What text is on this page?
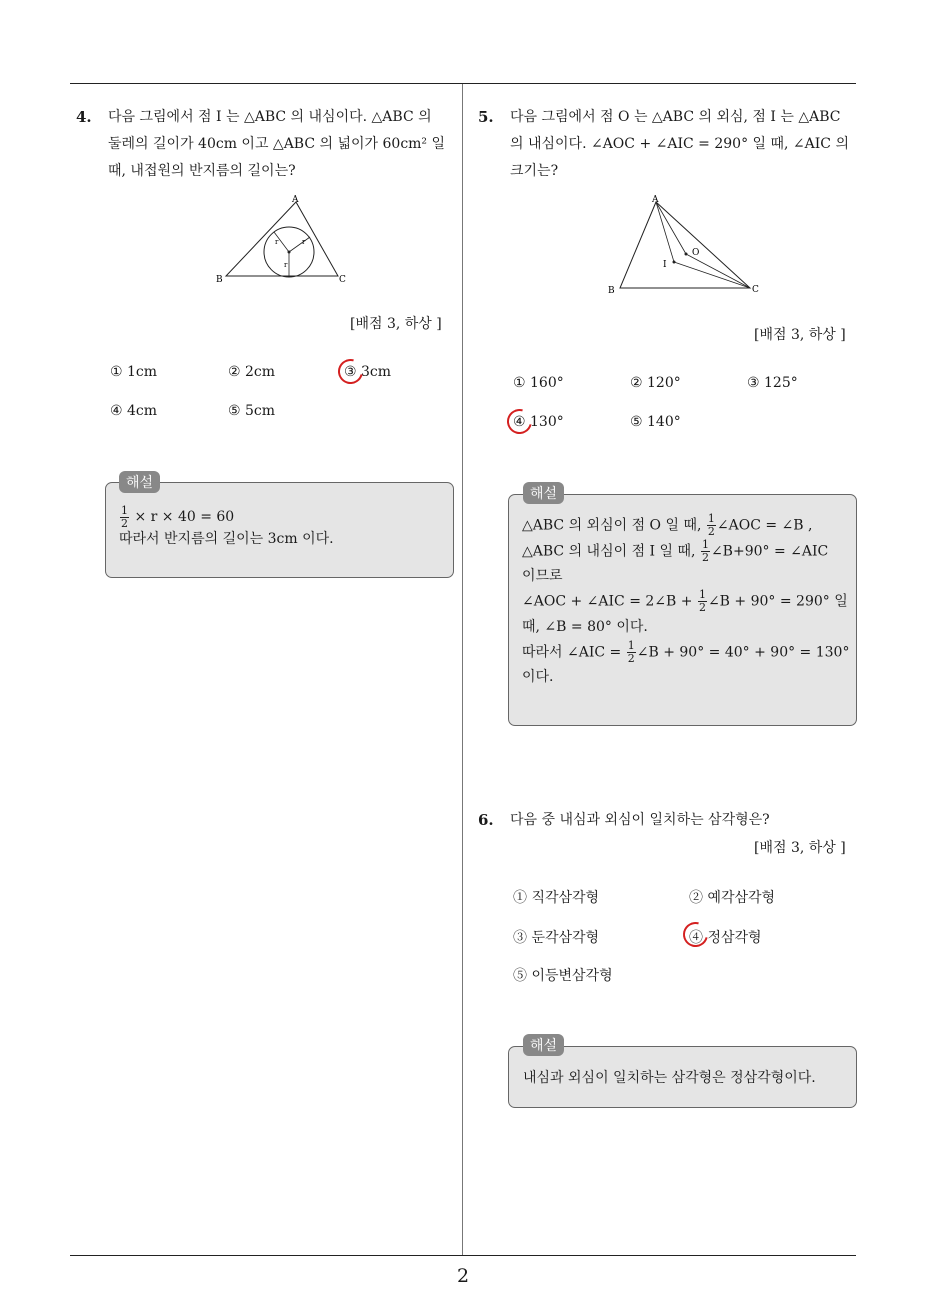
2
4. 다음 그림에서 점 I 는 △ABC 의 내심이다. △ABC 의
둘레의 길이가 40cm 이고 △ABC 의 넓이가 60cm² 일
때, 내접원의 반지름의 길이는?
A
B	C
r
r	r
[배점 3, 하상 ]
① 1cm	② 2cm	③ 3cm
④ 4cm	⑤ 5cm
해설
$\frac{1}{2} \times r \times 40 = 60$
따라서 반지름의 길이는 3cm 이다.
5. 다음 그림에서 점 O 는 △ABC 의 외심, 점 I 는 △ABC
의 내심이다. ∠AOC + ∠AIC = 290° 일 때, ∠AIC 의
크기는?
A
B	C
O
I
[배점 3, 하상 ]
① 160°	② 120°	③ 125°
④ 130°	⑤ 140°
해설
△ABC 의 외심이 점 O 일 때, $\frac{1}{2}$ ∠AOC = ∠B ,
△ABC 의 내심이 점 I 일 때, $\frac{1}{2}$ ∠B+90° = ∠AIC
이므로
∠AOC + ∠AIC = 2∠B + $\frac{1}{2}$ ∠B + 90° = 290° 일
때, ∠B = 80° 이다.
따라서 ∠AIC = $\frac{1}{2}$ ∠B + 90° = 40° + 90° = 130°
이다.
6. 다음 중 내심과 외심이 일치하는 삼각형은?
[배점 3, 하상 ]
① 직각삼각형	② 예각삼각형
③ 둔각삼각형	④ 정삼각형
⑤ 이등변삼각형
해설
내심과 외심이 일치하는 삼각형은 정삼각형이다.
